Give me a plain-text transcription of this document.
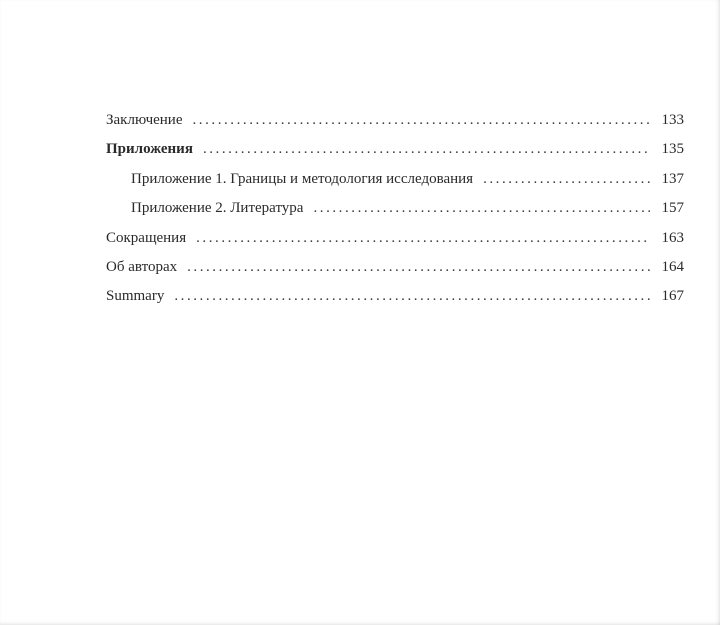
Заключение . . .	133
Приложения . . .	135
Приложение 1. Границы и методология исследования . . .	137
Приложение 2. Литература . . .	157
Сокращения . . .	163
Об авторах . . .	164
Summary . . .	167
